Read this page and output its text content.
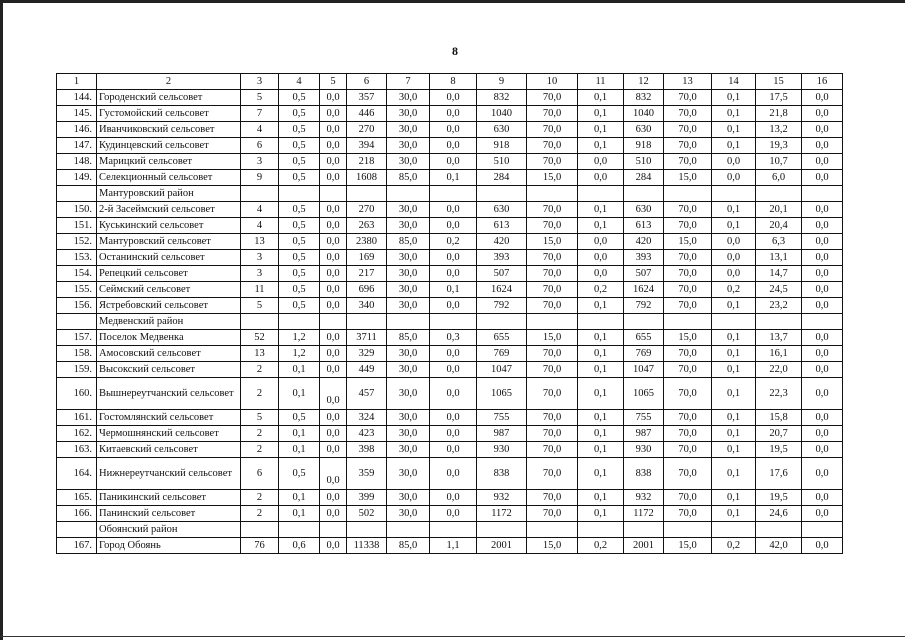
8
1	2	3	4	5	6	7	8	9	10	11	12	13	14	15	16
144.	Городенский сельсовет	5	0,5	0,0	357	30,0	0,0	832	70,0	0,1	832	70,0	0,1	17,5	0,0
145.	Густомойский сельсовет	7	0,5	0,0	446	30,0	0,0	1040	70,0	0,1	1040	70,0	0,1	21,8	0,0
146.	Иванчиковский сельсовет	4	0,5	0,0	270	30,0	0,0	630	70,0	0,1	630	70,0	0,1	13,2	0,0
147.	Кудинцевский сельсовет	6	0,5	0,0	394	30,0	0,0	918	70,0	0,1	918	70,0	0,1	19,3	0,0
148.	Марицкий сельсовет	3	0,5	0,0	218	30,0	0,0	510	70,0	0,0	510	70,0	0,0	10,7	0,0
149.	Селекционный сельсовет	9	0,5	0,0	1608	85,0	0,1	284	15,0	0,0	284	15,0	0,0	6,0	0,0
	Мантуровский район														
150.	2-й Засеймский сельсовет	4	0,5	0,0	270	30,0	0,0	630	70,0	0,1	630	70,0	0,1	20,1	0,0
151.	Куськинский сельсовет	4	0,5	0,0	263	30,0	0,0	613	70,0	0,1	613	70,0	0,1	20,4	0,0
152.	Мантуровский сельсовет	13	0,5	0,0	2380	85,0	0,2	420	15,0	0,0	420	15,0	0,0	6,3	0,0
153.	Останинский сельсовет	3	0,5	0,0	169	30,0	0,0	393	70,0	0,0	393	70,0	0,0	13,1	0,0
154.	Репецкий сельсовет	3	0,5	0,0	217	30,0	0,0	507	70,0	0,0	507	70,0	0,0	14,7	0,0
155.	Сеймский сельсовет	11	0,5	0,0	696	30,0	0,1	1624	70,0	0,2	1624	70,0	0,2	24,5	0,0
156.	Ястребовский сельсовет	5	0,5	0,0	340	30,0	0,0	792	70,0	0,1	792	70,0	0,1	23,2	0,0
	Медвенский район														
157.	Поселок Медвенка	52	1,2	0,0	3711	85,0	0,3	655	15,0	0,1	655	15,0	0,1	13,7	0,0
158.	Амосовский сельсовет	13	1,2	0,0	329	30,0	0,0	769	70,0	0,1	769	70,0	0,1	16,1	0,0
159.	Высокский сельсовет	2	0,1	0,0	449	30,0	0,0	1047	70,0	0,1	1047	70,0	0,1	22,0	0,0
160.	Вышнереутчанский сельсовет	2	0,1	0,0	457	30,0	0,0	1065	70,0	0,1	1065	70,0	0,1	22,3	0,0
161.	Гостомлянский сельсовет	5	0,5	0,0	324	30,0	0,0	755	70,0	0,1	755	70,0	0,1	15,8	0,0
162.	Чермошнянский сельсовет	2	0,1	0,0	423	30,0	0,0	987	70,0	0,1	987	70,0	0,1	20,7	0,0
163.	Китаевский сельсовет	2	0,1	0,0	398	30,0	0,0	930	70,0	0,1	930	70,0	0,1	19,5	0,0
164.	Нижнереутчанский сельсовет	6	0,5	0,0	359	30,0	0,0	838	70,0	0,1	838	70,0	0,1	17,6	0,0
165.	Паникинский сельсовет	2	0,1	0,0	399	30,0	0,0	932	70,0	0,1	932	70,0	0,1	19,5	0,0
166.	Панинский сельсовет	2	0,1	0,0	502	30,0	0,0	1172	70,0	0,1	1172	70,0	0,1	24,6	0,0
	Обоянский район														
167.	Город Обоянь	76	0,6	0,0	11338	85,0	1,1	2001	15,0	0,2	2001	15,0	0,2	42,0	0,0
